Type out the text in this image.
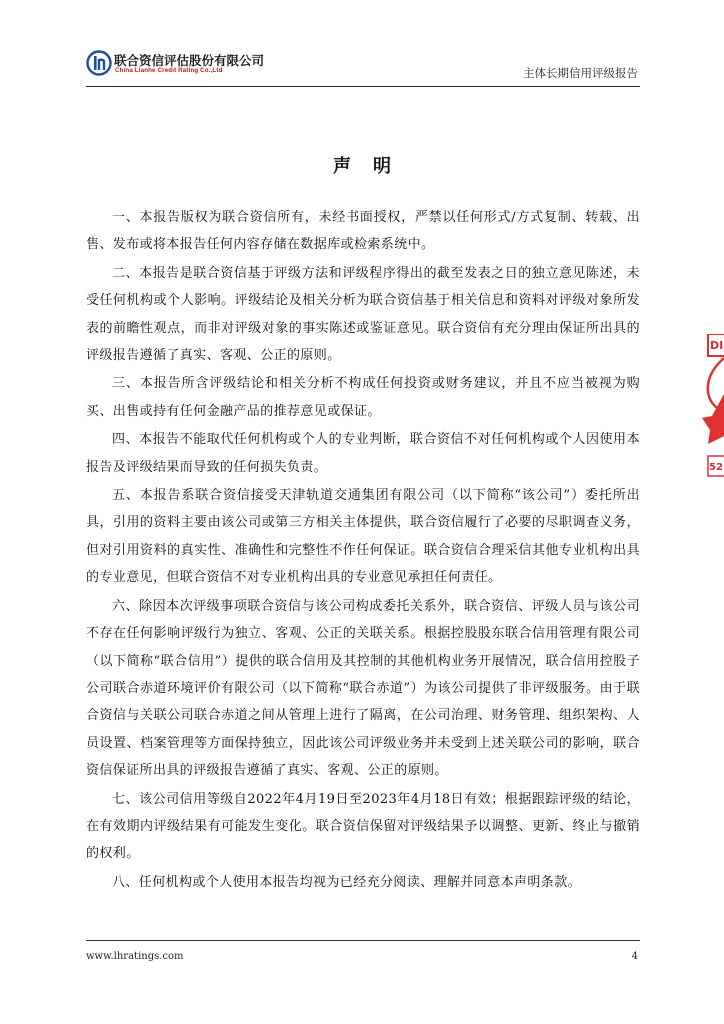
联合资信评估股份有限公司
China Lianhe Credit Rating Co.,Ltd	主体长期信用评级报告
声明

一、本报告版权为联合资信所有，未经书面授权，严禁以任何形式/方式复制、转载、出售、发布或将本报告任何内容存储在数据库或检索系统中。

二、本报告是联合资信基于评级方法和评级程序得出的截至发表之日的独立意见陈述，未受任何机构或个人影响。评级结论及相关分析为联合资信基于相关信息和资料对评级对象所发表的前瞻性观点，而非对评级对象的事实陈述或鉴证意见。联合资信有充分理由保证所出具的评级报告遵循了真实、客观、公正的原则。

三、本报告所含评级结论和相关分析不构成任何投资或财务建议，并且不应当被视为购买、出售或持有任何金融产品的推荐意见或保证。

四、本报告不能取代任何机构或个人的专业判断，联合资信不对任何机构或个人因使用本报告及评级结果而导致的任何损失负责。

五、本报告系联合资信接受天津轨道交通集团有限公司（以下简称“该公司”）委托所出具，引用的资料主要由该公司或第三方相关主体提供，联合资信履行了必要的尽职调查义务，但对引用资料的真实性、准确性和完整性不作任何保证。联合资信合理采信其他专业机构出具的专业意见，但联合资信不对专业机构出具的专业意见承担任何责任。

六、除因本次评级事项联合资信与该公司构成委托关系外，联合资信、评级人员与该公司不存在任何影响评级行为独立、客观、公正的关联关系。根据控股股东联合信用管理有限公司（以下简称“联合信用”）提供的联合信用及其控制的其他机构业务开展情况，联合信用控股子公司联合赤道环境评价有限公司（以下简称“联合赤道”）为该公司提供了非评级服务。由于联合资信与关联公司联合赤道之间从管理上进行了隔离，在公司治理、财务管理、组织架构、人员设置、档案管理等方面保持独立，因此该公司评级业务并未受到上述关联公司的影响，联合资信保证所出具的评级报告遵循了真实、客观、公正的原则。

七、该公司信用等级自2022年4月19日至2023年4月18日有效；根据跟踪评级的结论，在有效期内评级结果有可能发生变化。联合资信保留对评级结果予以调整、更新、终止与撤销的权利。

八、任何机构或个人使用本报告均视为已经充分阅读、理解并同意本声明条款。

DI
52
www.lhratings.com	4
